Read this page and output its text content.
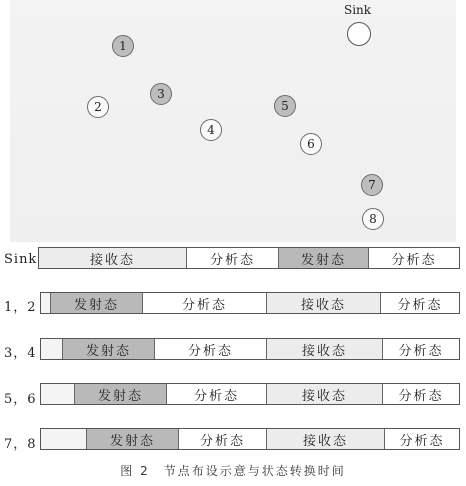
Sink
1
2
3
4
5
6
7
8
Sink	接收态	分析态	发射态	分析态
1，2	发射态	分析态	接收态	分析态
3，4	发射态	分析态	接收态	分析态
5，6	发射态	分析态	接收态	分析态
7，8	发射态	分析态	接收态	分析态
图 2　节点布设示意与状态转换时间
